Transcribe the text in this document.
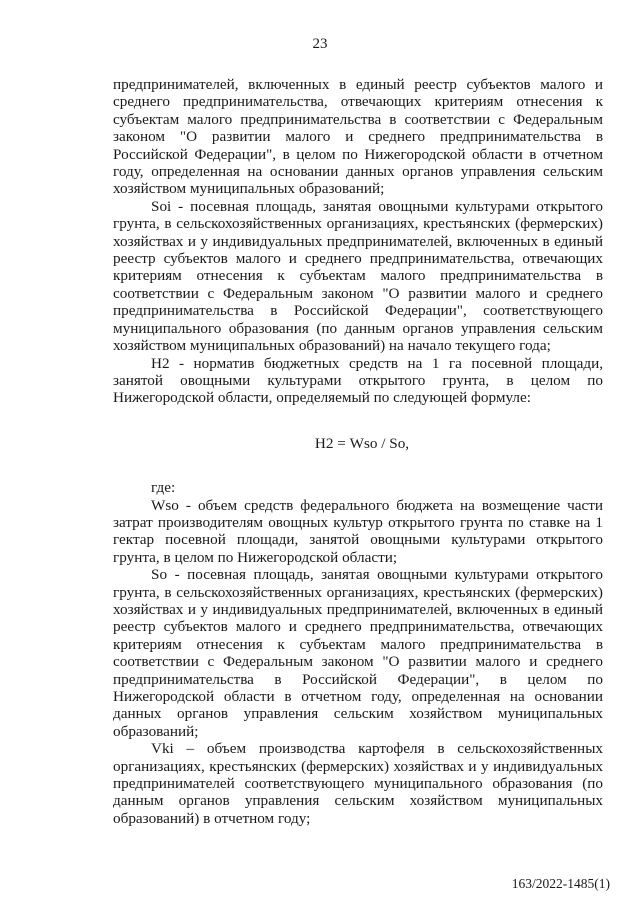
23

предпринимателей, включенных в единый реестр субъектов малого и среднего предпринимательства, отвечающих критериям отнесения к субъектам малого предпринимательства в соответствии с Федеральным законом "О развитии малого и среднего предпринимательства в Российской Федерации", в целом по Нижегородской области в отчетном году, определенная на основании данных органов управления сельским хозяйством муниципальных образований;

Soi - посевная площадь, занятая овощными культурами открытого грунта, в сельскохозяйственных организациях, крестьянских (фермерских) хозяйствах и у индивидуальных предпринимателей, включенных в единый реестр субъектов малого и среднего предпринимательства, отвечающих критериям отнесения к субъектам малого предпринимательства в соответствии с Федеральным законом "О развитии малого и среднего предпринимательства в Российской Федерации", соответствующего муниципального образования (по данным органов управления сельским хозяйством муниципальных образований) на начало текущего года;

Н2 - норматив бюджетных средств на 1 га посевной площади, занятой овощными культурами открытого грунта, в целом по Нижегородской области, определяемый по следующей формуле:

Н2 = Wso / So,

где:

Wso - объем средств федерального бюджета на возмещение части затрат производителям овощных культур открытого грунта по ставке на 1 гектар посевной площади, занятой овощными культурами открытого грунта, в целом по Нижегородской области;

So - посевная площадь, занятая овощными культурами открытого грунта, в сельскохозяйственных организациях, крестьянских (фермерских) хозяйствах и у индивидуальных предпринимателей, включенных в единый реестр субъектов малого и среднего предпринимательства, отвечающих критериям отнесения к субъектам малого предпринимательства в соответствии с Федеральным законом "О развитии малого и среднего предпринимательства в Российской Федерации", в целом по Нижегородской области в отчетном году, определенная на основании данных органов управления сельским хозяйством муниципальных образований;

Vki – объем производства картофеля в сельскохозяйственных организациях, крестьянских (фермерских) хозяйствах и у индивидуальных предпринимателей соответствующего муниципального образования (по данным органов управления сельским хозяйством муниципальных образований) в отчетном году;

163/2022-1485(1)
